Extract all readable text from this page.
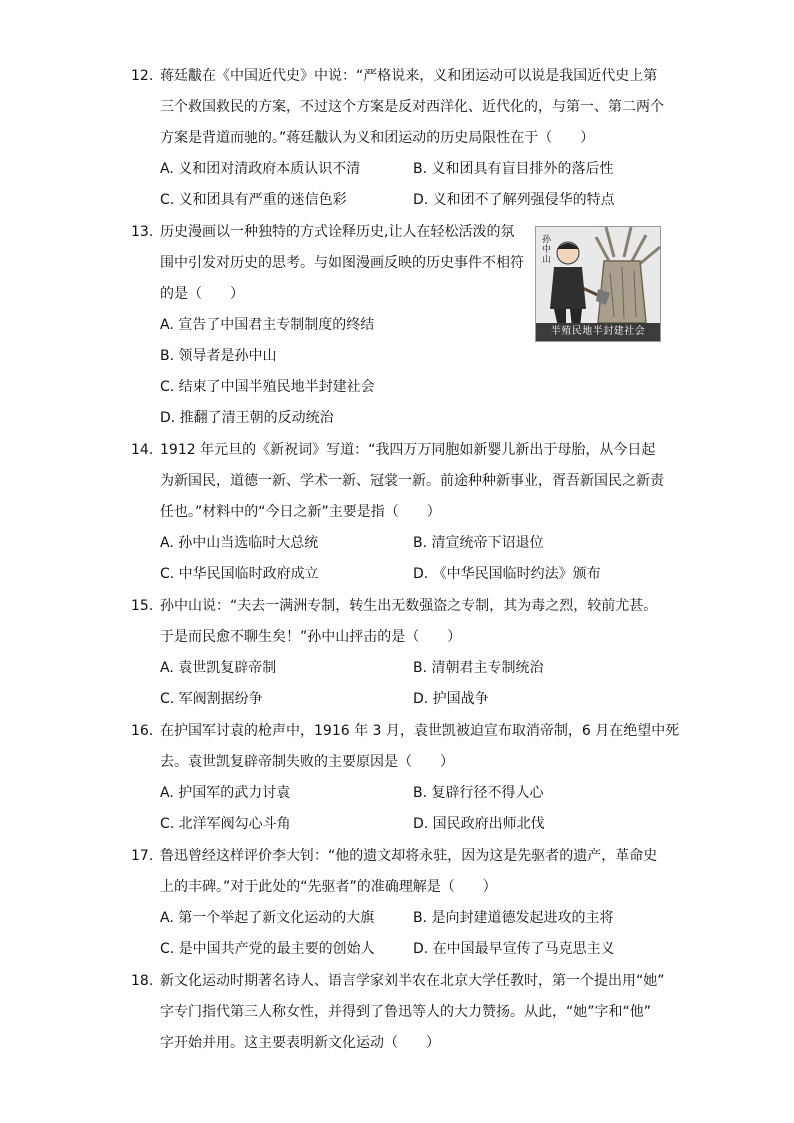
12. 蒋廷黻在《中国近代史》中说：“严格说来，义和团运动可以说是我国近代史上第
三个救国救民的方案，不过这个方案是反对西洋化、近代化的，与第一、第二两个
方案是背道而驰的。”蒋廷黻认为义和团运动的历史局限性在于（　　）
A. 义和团对清政府本质认识不清	B. 义和团具有盲目排外的落后性
C. 义和团具有严重的迷信色彩	D. 义和团不了解列强侵华的特点
13. 历史漫画以一种独特的方式诠释历史,让人在轻松活泼的氛
围中引发对历史的思考。与如图漫画反映的历史事件不相符
的是（　　）
A. 宣告了中国君主专制制度的终结
B. 领导者是孙中山
C. 结束了中国半殖民地半封建社会
D. 推翻了清王朝的反动统治
孙中山
半殖民地半封建社会
14. 1912 年元旦的《新祝词》写道：“我四万万同胞如新婴儿新出于母胎，从今日起
为新国民，道德一新、学术一新、冠裳一新。前途种种新事业，胥吾新国民之新责
任也。”材料中的“今日之新”主要是指（　　）
A. 孙中山当选临时大总统	B. 清宣统帝下诏退位
C. 中华民国临时政府成立	D. 《中华民国临时约法》颁布
15. 孙中山说：“夫去一满洲专制，转生出无数强盗之专制，其为毒之烈，较前尤甚。
于是而民愈不聊生矣！”孙中山抨击的是（　　）
A. 袁世凯复辟帝制	B. 清朝君主专制统治
C. 军阀割据纷争	D. 护国战争
16. 在护国军讨袁的枪声中，1916 年 3 月，袁世凯被迫宣布取消帝制，6 月在绝望中死
去。袁世凯复辟帝制失败的主要原因是（　　）
A. 护国军的武力讨袁	B. 复辟行径不得人心
C. 北洋军阀勾心斗角	D. 国民政府出师北伐
17. 鲁迅曾经这样评价李大钊：“他的遗文却将永驻，因为这是先驱者的遗产，革命史
上的丰碑。”对于此处的“先驱者”的准确理解是（　　）
A. 第一个举起了新文化运动的大旗	B. 是向封建道德发起进攻的主将
C. 是中国共产党的最主要的创始人	D. 在中国最早宣传了马克思主义
18. 新文化运动时期著名诗人、语言学家刘半农在北京大学任教时，第一个提出用“她”
字专门指代第三人称女性，并得到了鲁迅等人的大力赞扬。从此，“她”字和“他”
字开始并用。这主要表明新文化运动（　　）
